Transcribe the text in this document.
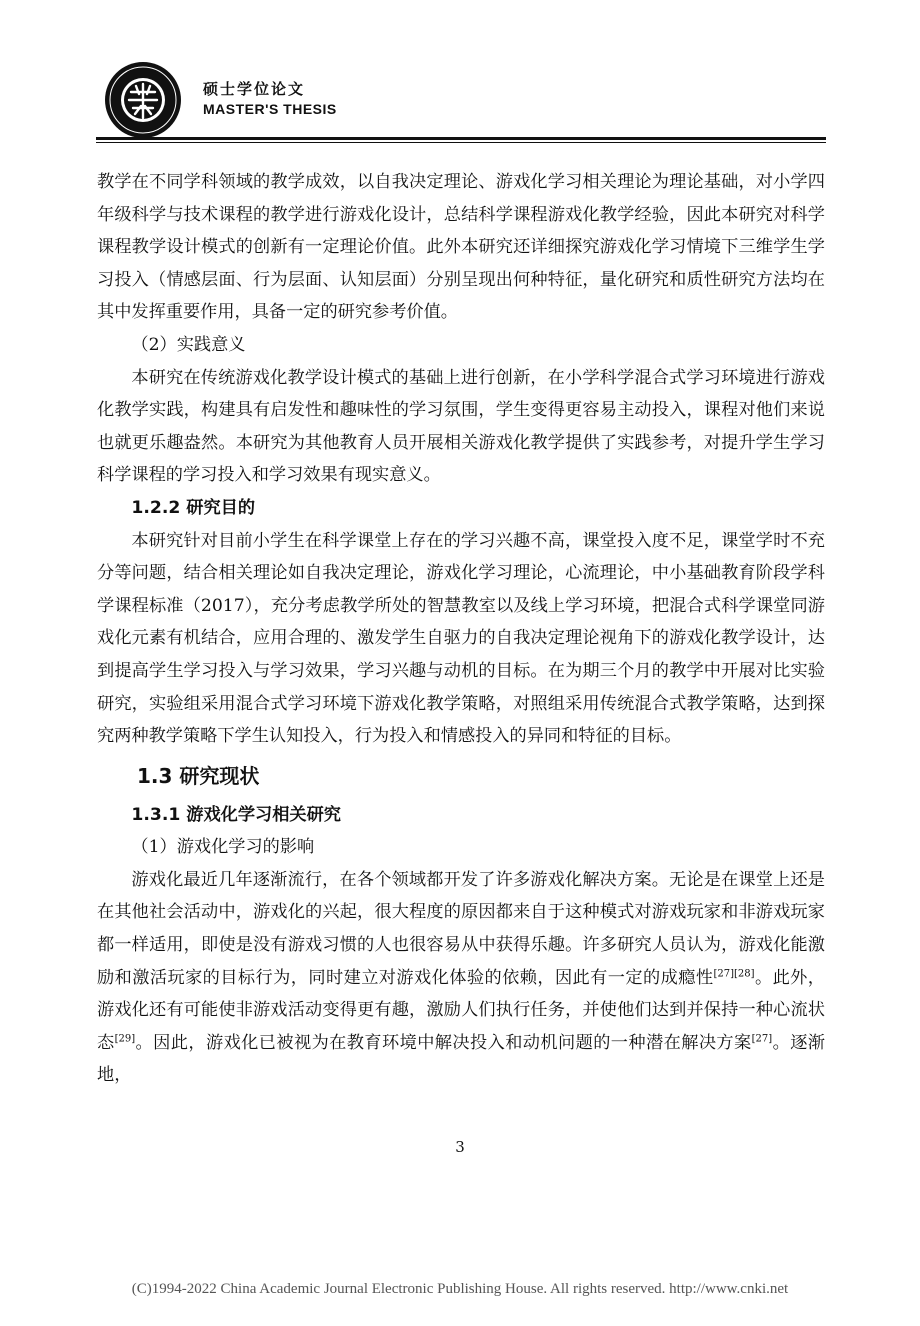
硕士学位论文
MASTER'S THESIS

教学在不同学科领域的教学成效，以自我决定理论、游戏化学习相关理论为理论基础，对小学四年级科学与技术课程的教学进行游戏化设计，总结科学课程游戏化教学经验，因此本研究对科学课程教学设计模式的创新有一定理论价值。此外本研究还详细探究游戏化学习情境下三维学生学习投入（情感层面、行为层面、认知层面）分别呈现出何种特征，量化研究和质性研究方法均在其中发挥重要作用，具备一定的研究参考价值。

（2）实践意义

本研究在传统游戏化教学设计模式的基础上进行创新，在小学科学混合式学习环境进行游戏化教学实践，构建具有启发性和趣味性的学习氛围，学生变得更容易主动投入，课程对他们来说也就更乐趣盎然。本研究为其他教育人员开展相关游戏化教学提供了实践参考，对提升学生学习科学课程的学习投入和学习效果有现实意义。

1.2.2 研究目的

本研究针对目前小学生在科学课堂上存在的学习兴趣不高，课堂投入度不足，课堂学时不充分等问题，结合相关理论如自我决定理论，游戏化学习理论，心流理论，中小基础教育阶段学科学课程标准（2017），充分考虑教学所处的智慧教室以及线上学习环境，把混合式科学课堂同游戏化元素有机结合，应用合理的、激发学生自驱力的自我决定理论视角下的游戏化教学设计，达到提高学生学习投入与学习效果，学习兴趣与动机的目标。在为期三个月的教学中开展对比实验研究，实验组采用混合式学习环境下游戏化教学策略，对照组采用传统混合式教学策略，达到探究两种教学策略下学生认知投入，行为投入和情感投入的异同和特征的目标。

1.3 研究现状

1.3.1 游戏化学习相关研究

（1）游戏化学习的影响

游戏化最近几年逐渐流行，在各个领域都开发了许多游戏化解决方案。无论是在课堂上还是在其他社会活动中，游戏化的兴起，很大程度的原因都来自于这种模式对游戏玩家和非游戏玩家都一样适用，即使是没有游戏习惯的人也很容易从中获得乐趣。许多研究人员认为，游戏化能激励和激活玩家的目标行为，同时建立对游戏化体验的依赖，因此有一定的成瘾性[27][28]。此外，游戏化还有可能使非游戏活动变得更有趣，激励人们执行任务，并使他们达到并保持一种心流状态[29]。因此，游戏化已被视为在教育环境中解决投入和动机问题的一种潜在解决方案[27]。逐渐地，

3
(C)1994-2022 China Academic Journal Electronic Publishing House. All rights reserved. http://www.cnki.net
